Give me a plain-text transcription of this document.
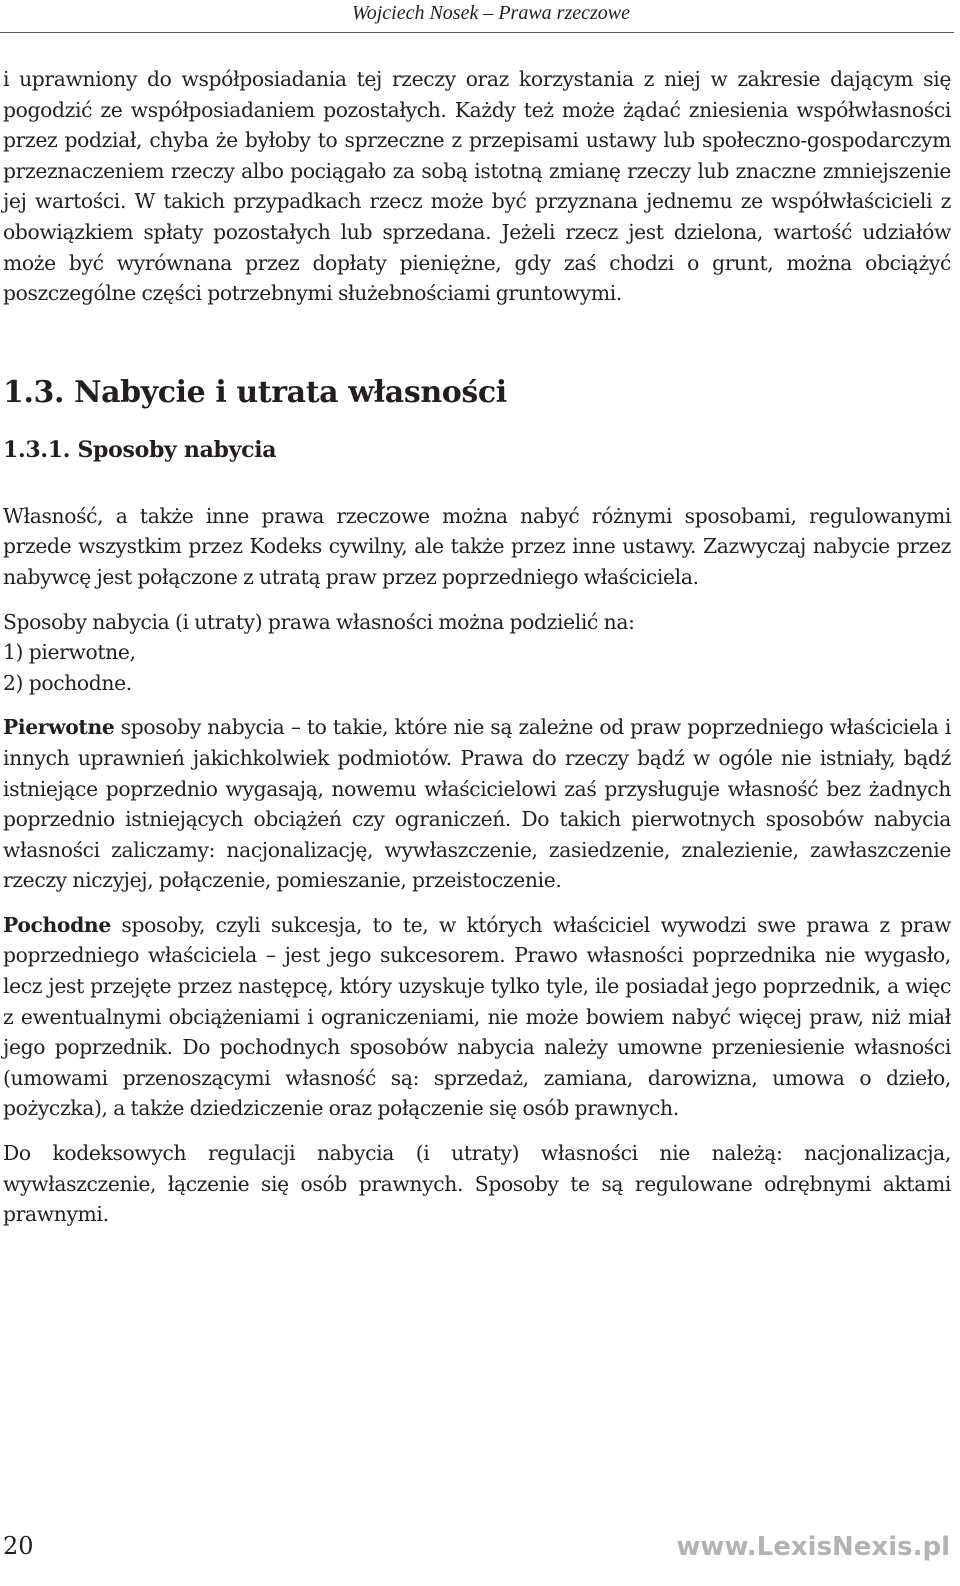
Wojciech Nosek – Prawa rzeczowe

i uprawniony do współposiadania tej rzeczy oraz korzystania z niej w zakresie dającym się pogodzić ze współposiadaniem pozostałych. Każdy też może żądać zniesienia współwłasności przez podział, chyba że byłoby to sprzeczne z przepisami ustawy lub społeczno-gospodarczym przeznaczeniem rzeczy albo pociągało za sobą istotną zmianę rzeczy lub znaczne zmniejszenie jej wartości. W takich przypadkach rzecz może być przyznana jednemu ze współwłaścicieli z obowiązkiem spłaty pozostałych lub sprzedana. Jeżeli rzecz jest dzielona, wartość udziałów może być wyrównana przez dopłaty pieniężne, gdy zaś chodzi o grunt, można obciążyć poszczególne części potrzebnymi służebnościami gruntowymi.

1.3. Nabycie i utrata własności
1.3.1. Sposoby nabycia

Własność, a także inne prawa rzeczowe można nabyć różnymi sposobami, regulowanymi przede wszystkim przez Kodeks cywilny, ale także przez inne ustawy. Zazwyczaj nabycie przez nabywcę jest połączone z utratą praw przez poprzedniego właściciela.

Sposoby nabycia (i utraty) prawa własności można podzielić na:

1) pierwotne,

2) pochodne.

Pierwotne sposoby nabycia – to takie, które nie są zależne od praw poprzedniego właściciela i innych uprawnień jakichkolwiek podmiotów. Prawa do rzeczy bądź w ogóle nie istniały, bądź istniejące poprzednio wygasają, nowemu właścicielowi zaś przysługuje własność bez żadnych poprzednio istniejących obciążeń czy ograniczeń. Do takich pierwotnych sposobów nabycia własności zaliczamy: nacjonalizację, wywłaszczenie, zasiedzenie, znalezienie, zawłaszczenie rzeczy niczyjej, połączenie, pomieszanie, przeistoczenie.

Pochodne sposoby, czyli sukcesja, to te, w których właściciel wywodzi swe prawa z praw poprzedniego właściciela – jest jego sukcesorem. Prawo własności poprzednika nie wygasło, lecz jest przejęte przez następcę, który uzyskuje tylko tyle, ile posiadał jego poprzednik, a więc z ewentualnymi obciążeniami i ograniczeniami, nie może bowiem nabyć więcej praw, niż miał jego poprzednik. Do pochodnych sposobów nabycia należy umowne przeniesienie własności (umowami przenoszącymi własność są: sprzedaż, zamiana, darowizna, umowa o dzieło, pożyczka), a także dziedziczenie oraz połączenie się osób prawnych.

Do kodeksowych regulacji nabycia (i utraty) własności nie należą: nacjonalizacja, wywłaszczenie, łączenie się osób prawnych. Sposoby te są regulowane odrębnymi aktami prawnymi.

20	www.LexisNexis.pl
